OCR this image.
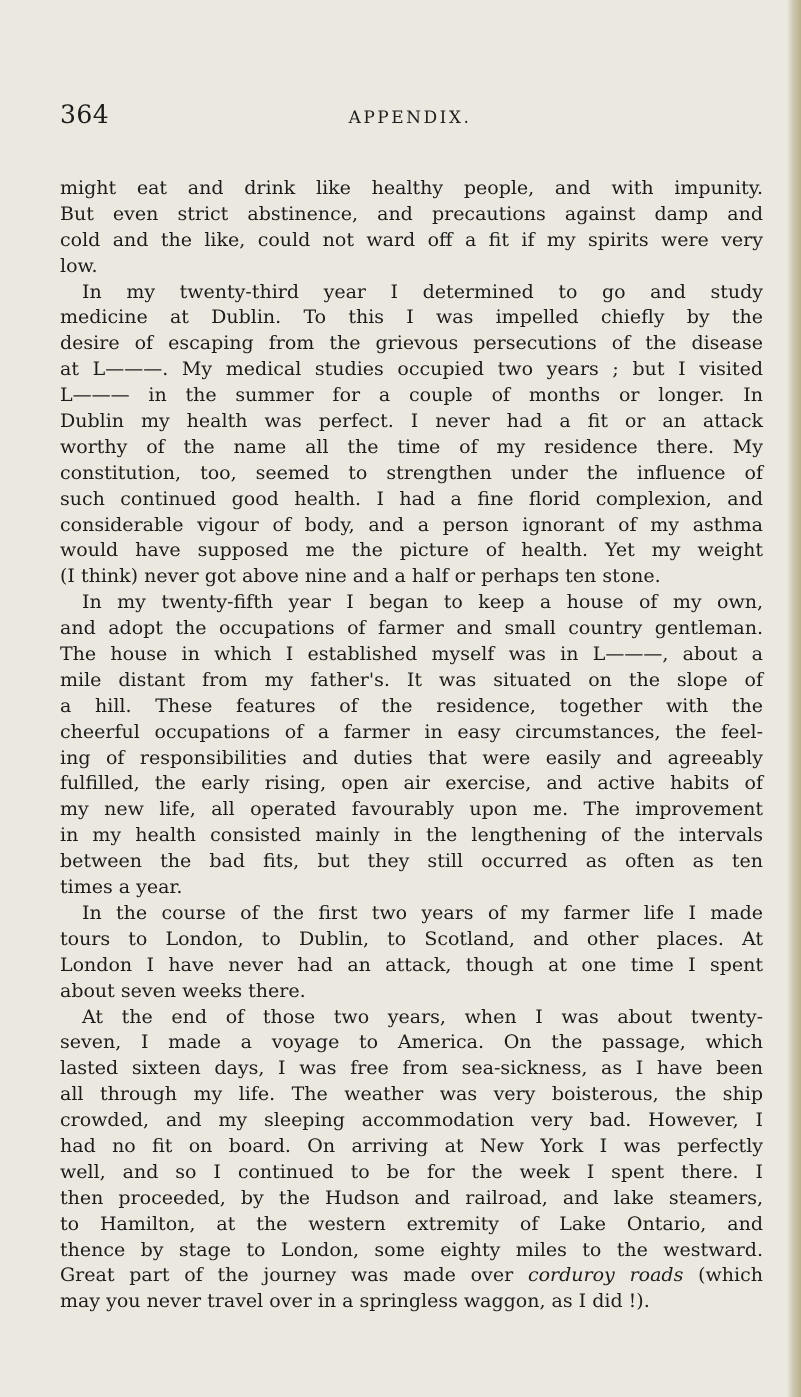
364	APPENDIX.
might eat and drink like healthy people, and with impunity.
But even strict abstinence, and precautions against damp and
cold and the like, could not ward off a fit if my spirits were very
low.
In my twenty-third year I determined to go and study
medicine at Dublin. To this I was impelled chiefly by the
desire of escaping from the grievous persecutions of the disease
at L———. My medical studies occupied two years ; but I visited
L——— in the summer for a couple of months or longer. In
Dublin my health was perfect. I never had a fit or an attack
worthy of the name all the time of my residence there. My
constitution, too, seemed to strengthen under the influence of
such continued good health. I had a fine florid complexion, and
considerable vigour of body, and a person ignorant of my asthma
would have supposed me the picture of health. Yet my weight
(I think) never got above nine and a half or perhaps ten stone.
In my twenty-fifth year I began to keep a house of my own,
and adopt the occupations of farmer and small country gentleman.
The house in which I established myself was in L———, about a
mile distant from my father's. It was situated on the slope of
a hill. These features of the residence, together with the
cheerful occupations of a farmer in easy circumstances, the feel-
ing of responsibilities and duties that were easily and agreeably
fulfilled, the early rising, open air exercise, and active habits of
my new life, all operated favourably upon me. The improvement
in my health consisted mainly in the lengthening of the intervals
between the bad fits, but they still occurred as often as ten
times a year.
In the course of the first two years of my farmer life I made
tours to London, to Dublin, to Scotland, and other places. At
London I have never had an attack, though at one time I spent
about seven weeks there.
At the end of those two years, when I was about twenty-
seven, I made a voyage to America. On the passage, which
lasted sixteen days, I was free from sea-sickness, as I have been
all through my life. The weather was very boisterous, the ship
crowded, and my sleeping accommodation very bad. However, I
had no fit on board. On arriving at New York I was perfectly
well, and so I continued to be for the week I spent there. I
then proceeded, by the Hudson and railroad, and lake steamers,
to Hamilton, at the western extremity of Lake Ontario, and
thence by stage to London, some eighty miles to the westward.
Great part of the journey was made over corduroy roads (which
may you never travel over in a springless waggon, as I did !).
